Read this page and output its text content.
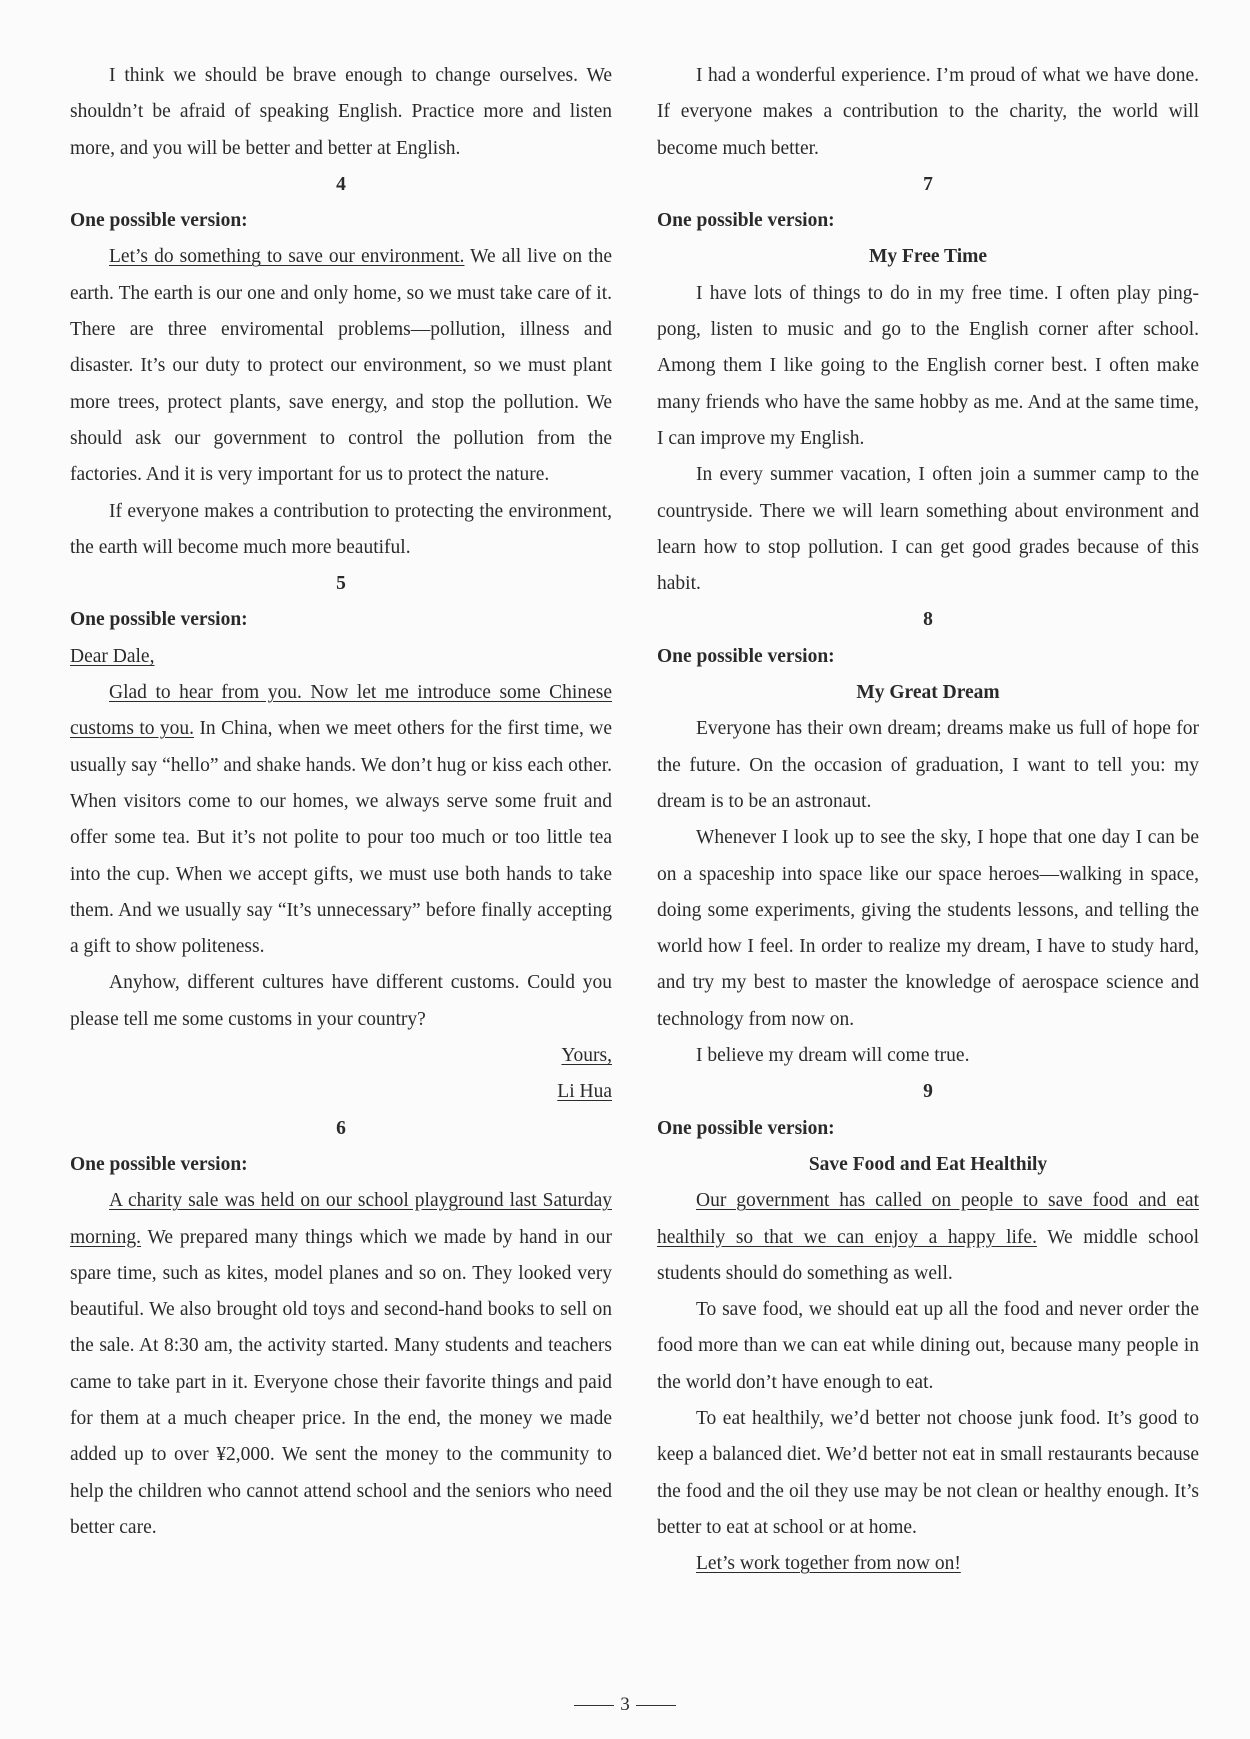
I think we should be brave enough to change ourselves. We shouldn’t be afraid of speaking English. Practice more and listen more, and you will be better and better at English.

4

One possible version:

Let’s do something to save our environment. We all live on the earth. The earth is our one and only home, so we must take care of it. There are three enviromental problems—pollution, illness and disaster. It’s our duty to protect our environment, so we must plant more trees, protect plants, save energy, and stop the pollution. We should ask our government to control the pollution from the factories. And it is very important for us to protect the nature.

If everyone makes a contribution to protecting the environment, the earth will become much more beautiful.

5

One possible version:

Dear Dale,

Glad to hear from you. Now let me introduce some Chinese customs to you. In China, when we meet others for the first time, we usually say “hello” and shake hands. We don’t hug or kiss each other. When visitors come to our homes, we always serve some fruit and offer some tea. But it’s not polite to pour too much or too little tea into the cup. When we accept gifts, we must use both hands to take them. And we usually say “It’s unnecessary” before finally accepting a gift to show politeness.

Anyhow, different cultures have different customs. Could you please tell me some customs in your country?

Yours,

Li Hua

6

One possible version:

A charity sale was held on our school playground last Saturday morning. We prepared many things which we made by hand in our spare time, such as kites, model planes and so on. They looked very beautiful. We also brought old toys and second-hand books to sell on the sale. At 8:30 am, the activity started. Many students and teachers came to take part in it. Everyone chose their favorite things and paid for them at a much cheaper price. In the end, the money we made added up to over ¥2,000. We sent the money to the community to help the children who cannot attend school and the seniors who need better care.

I had a wonderful experience. I’m proud of what we have done. If everyone makes a contribution to the charity, the world will become much better.

7

One possible version:

My Free Time

I have lots of things to do in my free time. I often play ping-pong, listen to music and go to the English corner after school. Among them I like going to the English corner best. I often make many friends who have the same hobby as me. And at the same time, I can improve my English.

In every summer vacation, I often join a summer camp to the countryside. There we will learn something about environment and learn how to stop pollution. I can get good grades because of this habit.

8

One possible version:

My Great Dream

Everyone has their own dream; dreams make us full of hope for the future. On the occasion of graduation, I want to tell you: my dream is to be an astronaut.

Whenever I look up to see the sky, I hope that one day I can be on a spaceship into space like our space heroes—walking in space, doing some experiments, giving the students lessons, and telling the world how I feel. In order to realize my dream, I have to study hard, and try my best to master the knowledge of aerospace science and technology from now on.

I believe my dream will come true.

9

One possible version:

Save Food and Eat Healthily

Our government has called on people to save food and eat healthily so that we can enjoy a happy life. We middle school students should do something as well.

To save food, we should eat up all the food and never order the food more than we can eat while dining out, because many people in the world don’t have enough to eat.

To eat healthily, we’d better not choose junk food. It’s good to keep a balanced diet. We’d better not eat in small restaurants because the food and the oil they use may be not clean or healthy enough. It’s better to eat at school or at home.

Let’s work together from now on!

3
